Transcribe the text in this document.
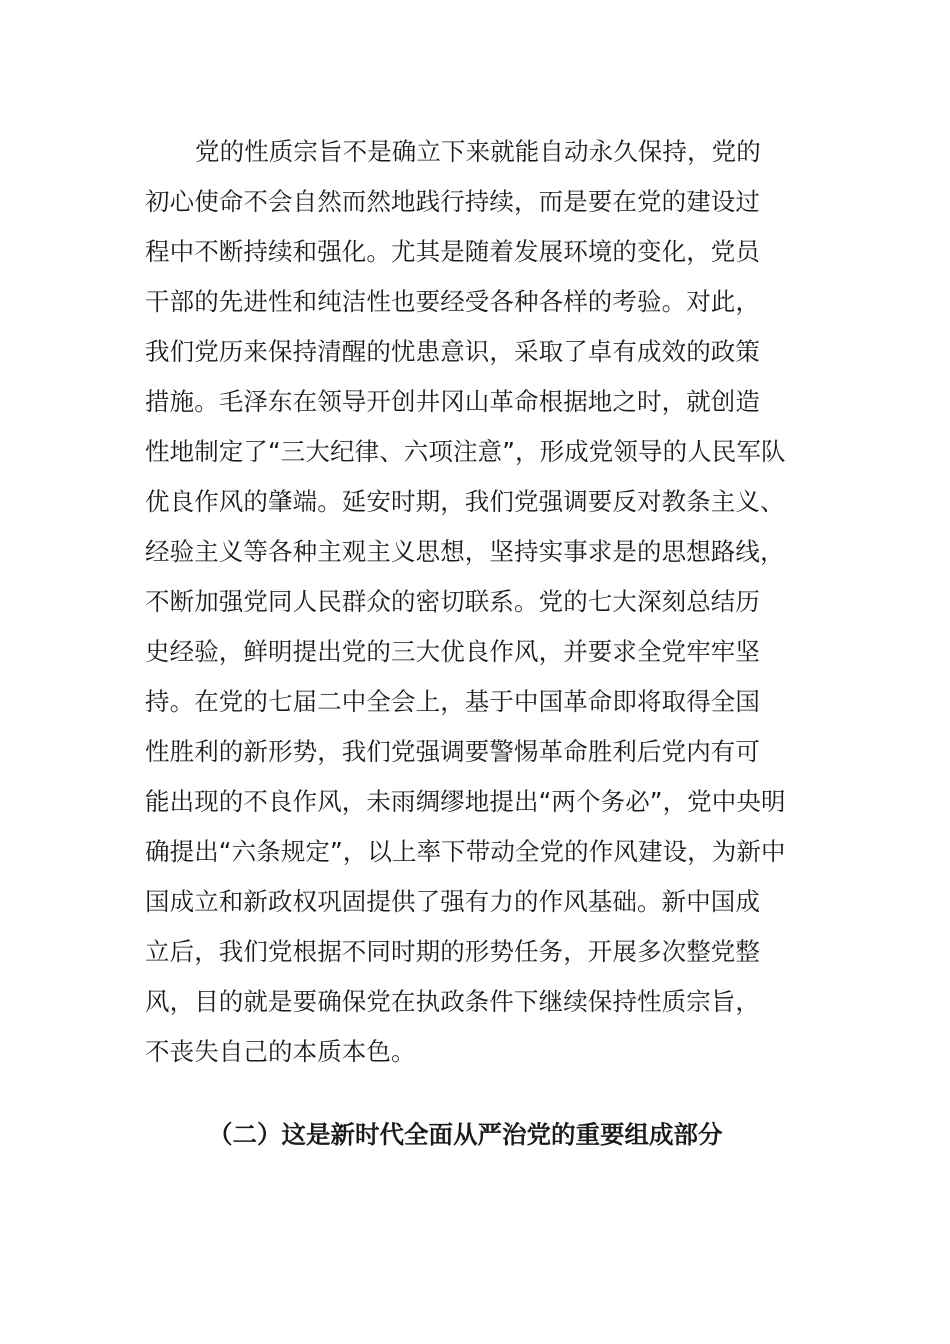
党的性质宗旨不是确立下来就能自动永久保持，党的
初心使命不会自然而然地践行持续，而是要在党的建设过
程中不断持续和强化。尤其是随着发展环境的变化，党员
干部的先进性和纯洁性也要经受各种各样的考验。对此，
我们党历来保持清醒的忧患意识，采取了卓有成效的政策
措施。毛泽东在领导开创井冈山革命根据地之时，就创造
性地制定了“三大纪律、六项注意”，形成党领导的人民军队
优良作风的肇端。延安时期，我们党强调要反对教条主义、
经验主义等各种主观主义思想，坚持实事求是的思想路线，
不断加强党同人民群众的密切联系。党的七大深刻总结历
史经验，鲜明提出党的三大优良作风，并要求全党牢牢坚
持。在党的七届二中全会上，基于中国革命即将取得全国
性胜利的新形势，我们党强调要警惕革命胜利后党内有可
能出现的不良作风，未雨绸缪地提出“两个务必”，党中央明
确提出“六条规定”，以上率下带动全党的作风建设，为新中
国成立和新政权巩固提供了强有力的作风基础。新中国成
立后，我们党根据不同时期的形势任务，开展多次整党整
风，目的就是要确保党在执政条件下继续保持性质宗旨，
不丧失自己的本质本色。
（二）这是新时代全面从严治党的重要组成部分
